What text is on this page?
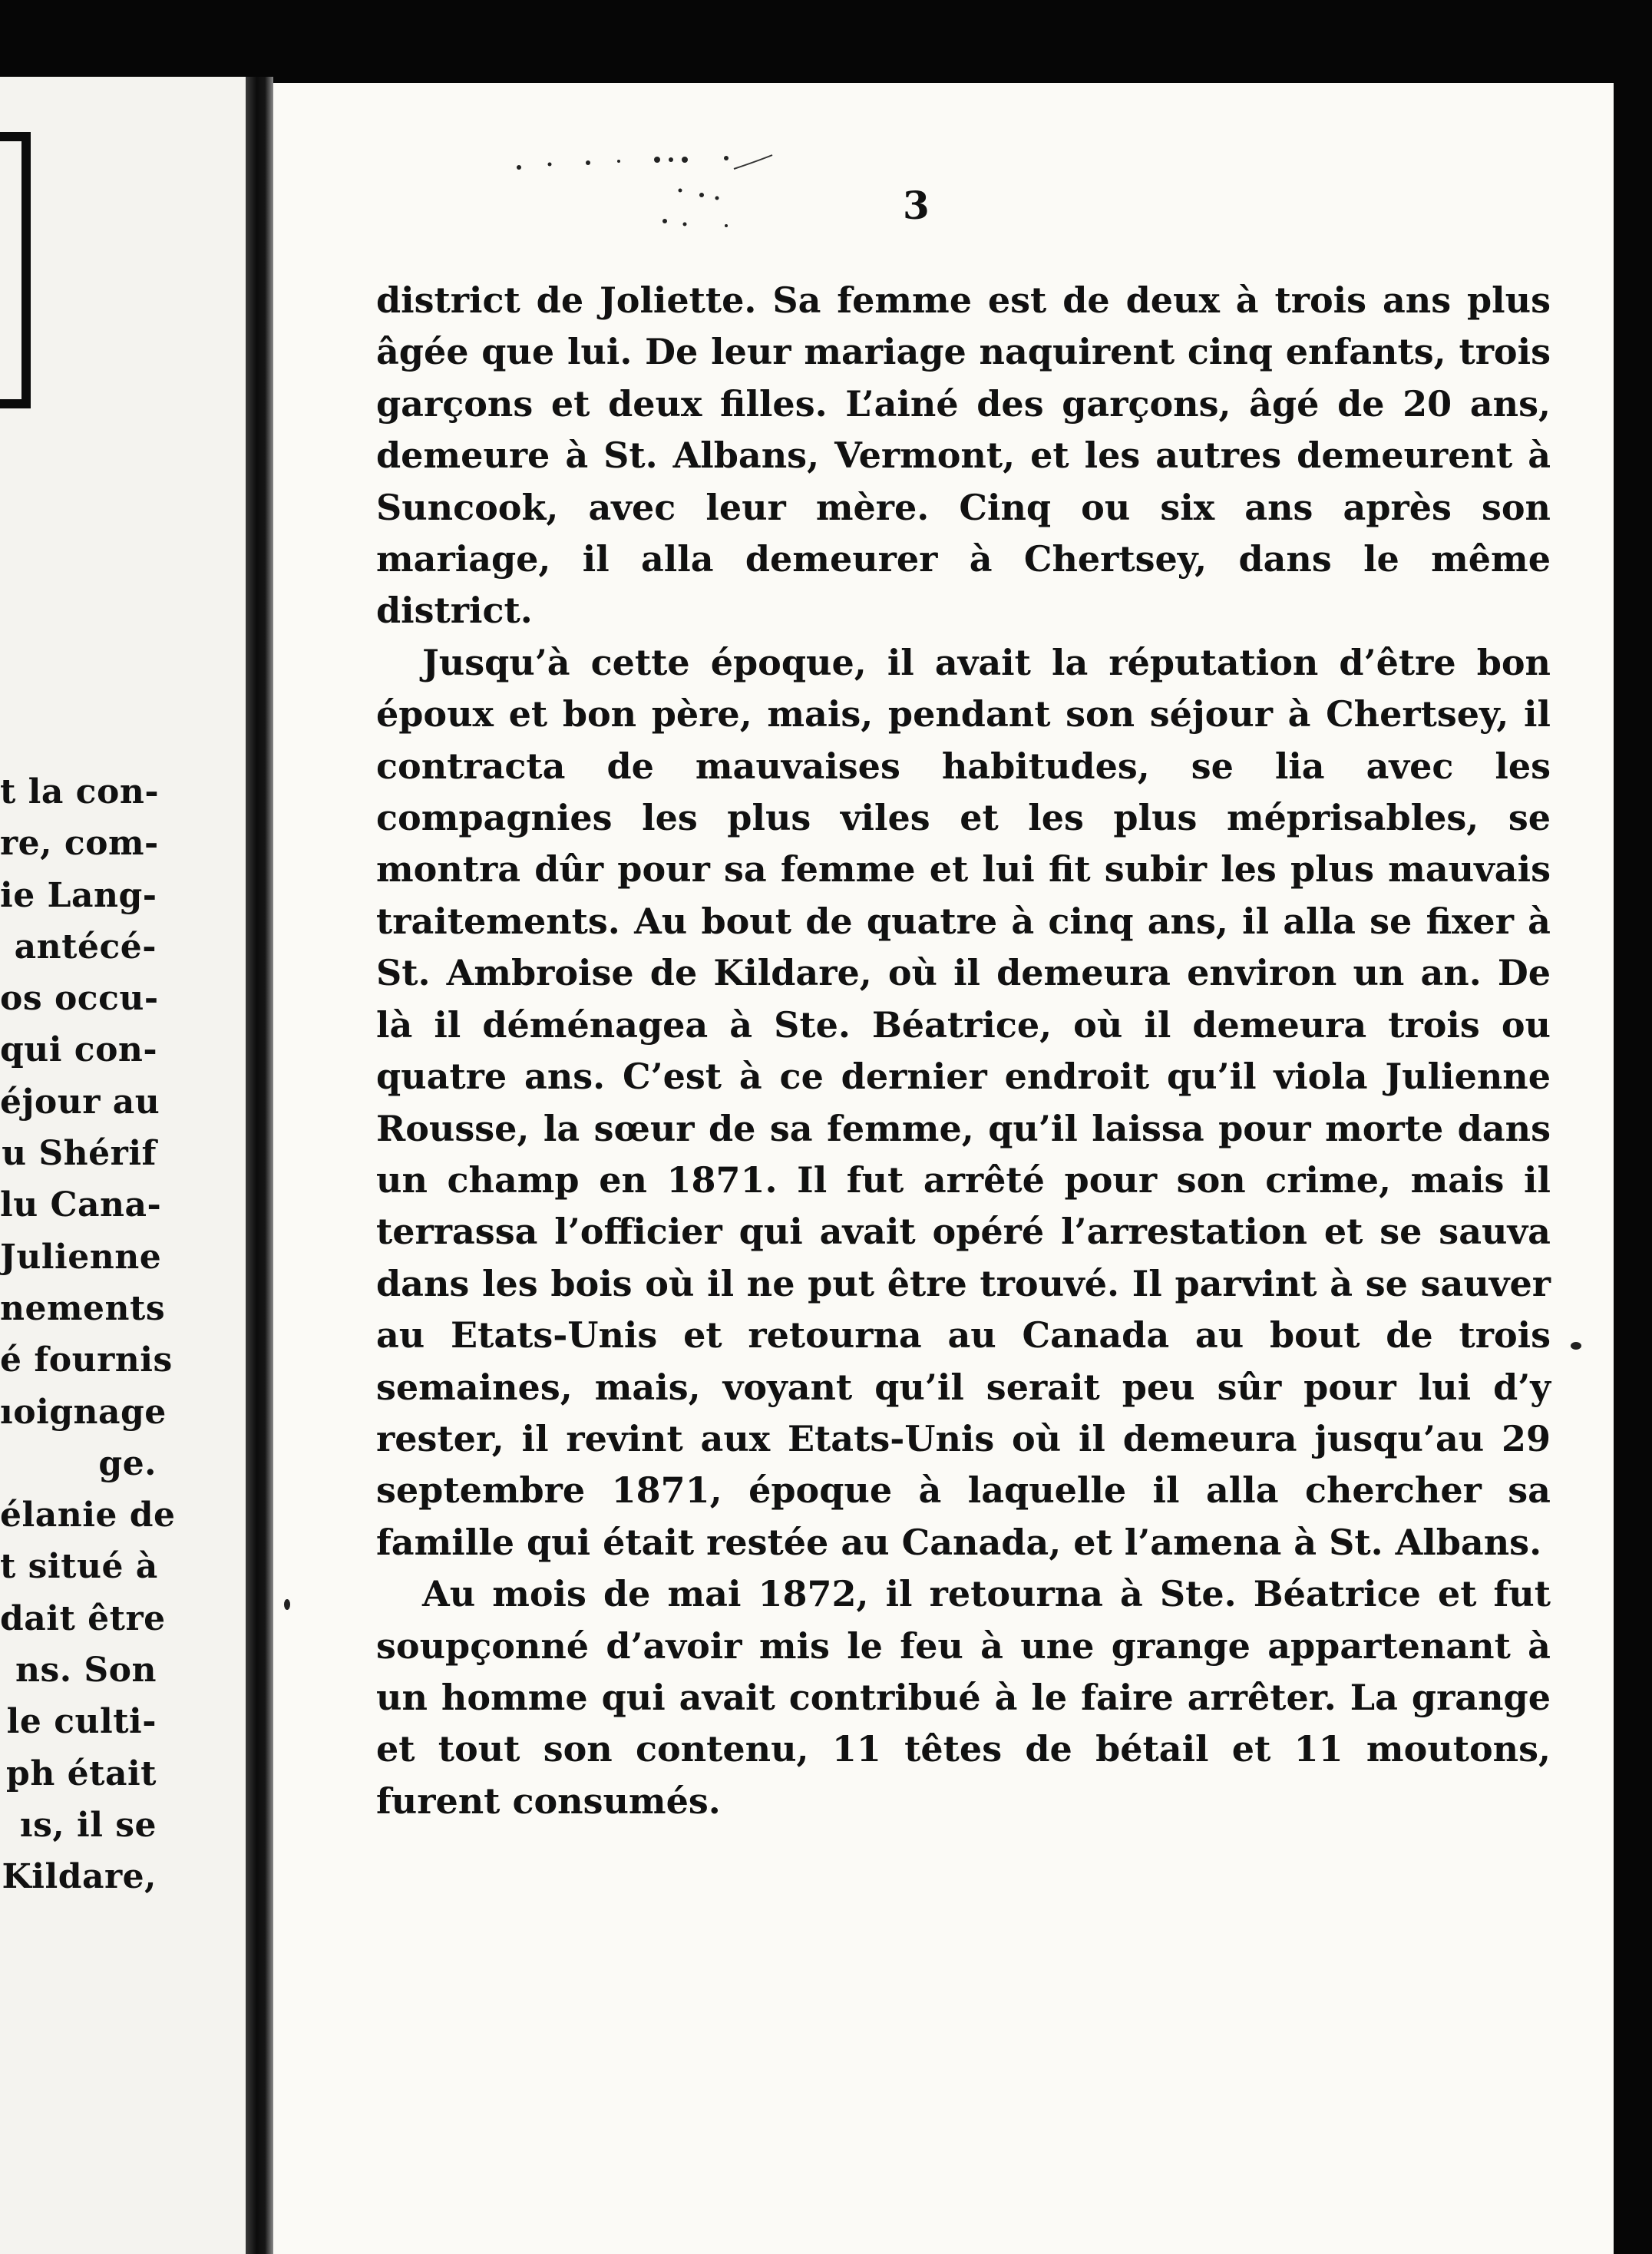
t la con-
re, com-
ie Lang-
antécé-
os occu-
qui con-
éjour au
u Shérif
lu Cana-
Julienne
nements
é fournis
ıoignage
ge.
élanie de
t situé à
dait être
ns. Son
le culti-
ph était
ıs, il se
Kildare,
3

district de Joliette. Sa femme est de deux à trois ans plus âgée que lui. De leur mariage naquirent cinq enfants, trois garçons et deux filles. L’ainé des garçons, âgé de 20 ans, demeure à St. Albans, Vermont, et les autres demeurent à Suncook, avec leur mère. Cinq ou six ans après son mariage, il alla demeurer à Chertsey, dans le même district.

Jusqu’à cette époque, il avait la réputation d’être bon époux et bon père, mais, pendant son séjour à Chertsey, il contracta de mauvaises habitudes, se lia avec les compagnies les plus viles et les plus méprisables, se montra dûr pour sa femme et lui fit subir les plus mauvais traitements. Au bout de quatre à cinq ans, il alla se fixer à St. Ambroise de Kildare, où il demeura environ un an. De là il déménagea à Ste. Béatrice, où il demeura trois ou quatre ans. C’est à ce dernier endroit qu’il viola Julienne Rousse, la sœur de sa femme, qu’il laissa pour morte dans un champ en 1871. Il fut arrêté pour son crime, mais il terrassa l’officier qui avait opéré l’arrestation et se sauva dans les bois où il ne put être trouvé. Il parvint à se sauver au Etats-Unis et retourna au Canada au bout de trois semaines, mais, voyant qu’il serait peu sûr pour lui d’y rester, il revint aux Etats-Unis où il demeura jusqu’au 29 septembre 1871, époque à laquelle il alla chercher sa famille qui était restée au Canada, et l’amena à St. Albans.

Au mois de mai 1872, il retourna à Ste. Béatrice et fut soupçonné d’avoir mis le feu à une grange appartenant à un homme qui avait contribué à le faire arrêter. La grange et tout son contenu, 11 têtes de bétail et 11 moutons, furent consumés.
